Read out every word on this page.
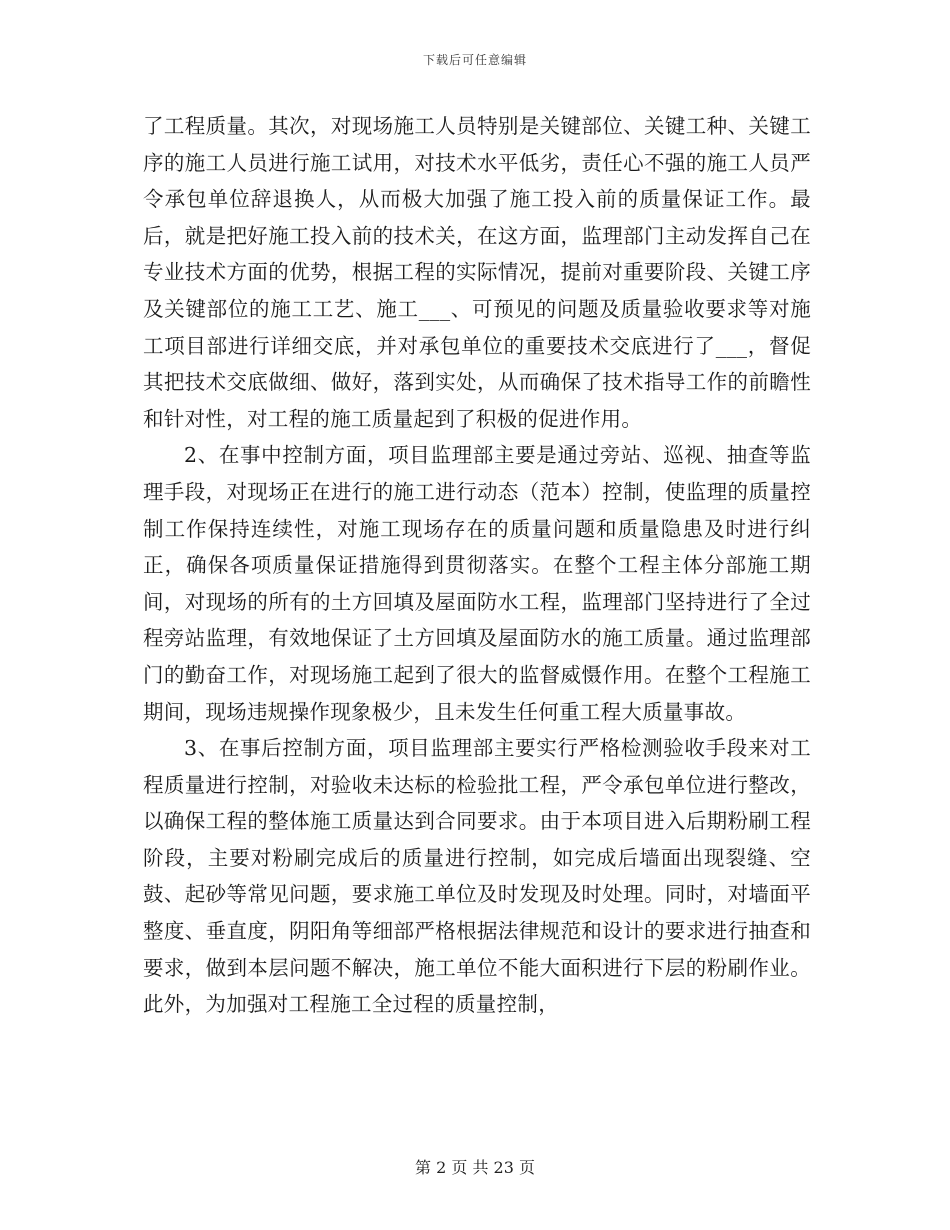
下载后可任意编辑

了工程质量。其次，对现场施工人员特别是关键部位、关键工种、关键工序的施工人员进行施工试用，对技术水平低劣，责任心不强的施工人员严令承包单位辞退换人，从而极大加强了施工投入前的质量保证工作。最后，就是把好施工投入前的技术关，在这方面，监理部门主动发挥自己在专业技术方面的优势，根据工程的实际情况，提前对重要阶段、关键工序及关键部位的施工工艺、施工___、可预见的问题及质量验收要求等对施工项目部进行详细交底，并对承包单位的重要技术交底进行了___，督促其把技术交底做细、做好，落到实处，从而确保了技术指导工作的前瞻性和针对性，对工程的施工质量起到了积极的促进作用。

2、在事中控制方面，项目监理部主要是通过旁站、巡视、抽查等监理手段，对现场正在进行的施工进行动态（范本）控制，使监理的质量控制工作保持连续性，对施工现场存在的质量问题和质量隐患及时进行纠正，确保各项质量保证措施得到贯彻落实。在整个工程主体分部施工期间，对现场的所有的土方回填及屋面防水工程，监理部门坚持进行了全过程旁站监理，有效地保证了土方回填及屋面防水的施工质量。通过监理部门的勤奋工作，对现场施工起到了很大的监督威慑作用。在整个工程施工期间，现场违规操作现象极少，且未发生任何重工程大质量事故。

3、在事后控制方面，项目监理部主要实行严格检测验收手段来对工程质量进行控制，对验收未达标的检验批工程，严令承包单位进行整改，以确保工程的整体施工质量达到合同要求。由于本项目进入后期粉刷工程阶段，主要对粉刷完成后的质量进行控制，如完成后墙面出现裂缝、空鼓、起砂等常见问题，要求施工单位及时发现及时处理。同时，对墙面平整度、垂直度，阴阳角等细部严格根据法律规范和设计的要求进行抽查和要求，做到本层问题不解决，施工单位不能大面积进行下层的粉刷作业。此外，为加强对工程施工全过程的质量控制，

第 2 页 共 23 页
